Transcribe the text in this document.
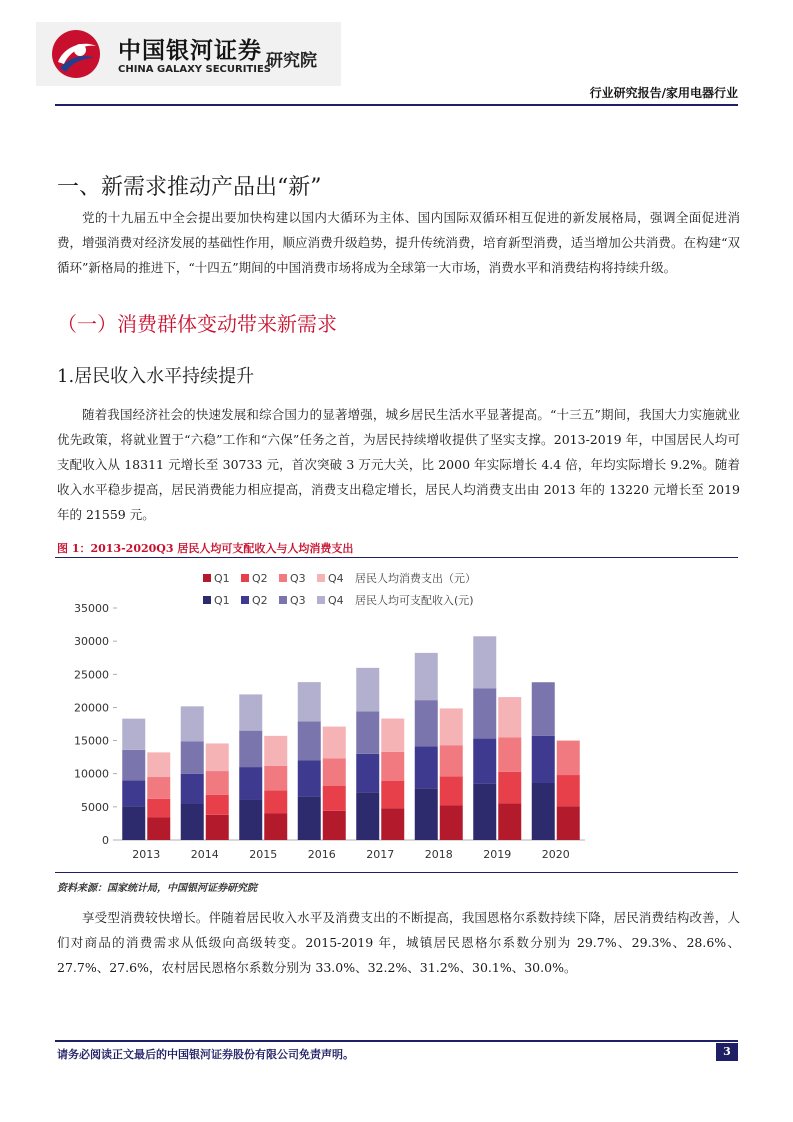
中国银河证券
CHINA GALAXY SECURITIES
研究院
行业研究报告/家用电器行业
一、新需求推动产品出“新”

党的十九届五中全会提出要加快构建以国内大循环为主体、国内国际双循环相互促进的新发展格局，强调全面促进消费，增强消费对经济发展的基础性作用，顺应消费升级趋势，提升传统消费，培育新型消费，适当增加公共消费。在构建“双循环”新格局的推进下，“十四五”期间的中国消费市场将成为全球第一大市场，消费水平和消费结构将持续升级。

（一）消费群体变动带来新需求
1.居民收入水平持续提升

随着我国经济社会的快速发展和综合国力的显著增强，城乡居民生活水平显著提高。“十三五”期间，我国大力实施就业优先政策，将就业置于“六稳”工作和“六保”任务之首，为居民持续增收提供了坚实支撑。2013-2019 年，中国居民人均可支配收入从 18311 元增长至 30733 元，首次突破 3 万元大关，比 2000 年实际增长 4.4 倍，年均实际增长 9.2%。随着收入水平稳步提高，居民消费能力相应提高，消费支出稳定增长，居民人均消费支出由 2013 年的 13220 元增长至 2019 年的 21559 元。

图 1：2013-2020Q3 居民人均可支配收入与人均消费支出
Q1 Q2 Q3 Q4 居民人均消费支出（元）
Q1 Q2 Q3 Q4 居民人均可支配收入(元)
0
5000
10000
15000
20000
25000
30000
35000
2013	2014	2015	2016	2017	2018	2019	2020
资料来源：国家统计局，中国银河证券研究院

享受型消费较快增长。伴随着居民收入水平及消费支出的不断提高，我国恩格尔系数持续下降，居民消费结构改善，人们对商品的消费需求从低级向高级转变。2015-2019 年，城镇居民恩格尔系数分别为 29.7%、29.3%、28.6%、27.7%、27.6%，农村居民恩格尔系数分别为 33.0%、32.2%、31.2%、30.1%、30.0%。

请务必阅读正文最后的中国银河证券股份有限公司免责声明。	3
